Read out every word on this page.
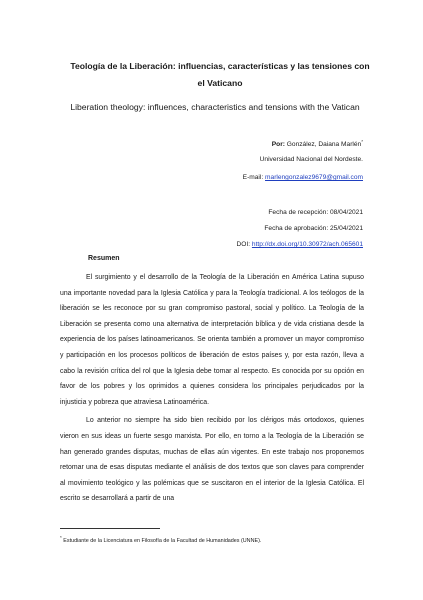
Teología de la Liberación: influencias, características y las tensiones con el Vaticano
Liberation theology: influences, characteristics and tensions with the Vatican
Por: González, Daiana Marlén*
Universidad Nacional del Nordeste.
E-mail: marlengonzalez9679@gmail.com
Fecha de recepción: 08/04/2021
Fecha de aprobación: 25/04/2021
DOI: http://dx.doi.org/10.30972/ach.065601
Resumen

El surgimiento y el desarrollo de la Teología de la Liberación en América Latina supuso una importante novedad para la Iglesia Católica y para la Teología tradicional. A los teólogos de la liberación se les reconoce por su gran compromiso pastoral, social y político. La Teología de la Liberación se presenta como una alternativa de interpretación bíblica y de vida cristiana desde la experiencia de los países latinoamericanos. Se orienta también a promover un mayor compromiso y participación en los procesos políticos de liberación de estos países y, por esta razón, lleva a cabo la revisión crítica del rol que la Iglesia debe tomar al respecto. Es conocida por su opción en favor de los pobres y los oprimidos a quienes considera los principales perjudicados por la injusticia y pobreza que atraviesa Latinoamérica.

Lo anterior no siempre ha sido bien recibido por los clérigos más ortodoxos, quienes vieron en sus ideas un fuerte sesgo marxista. Por ello, en torno a la Teología de la Liberación se han generado grandes disputas, muchas de ellas aún vigentes. En este trabajo nos proponemos retomar una de esas disputas mediante el análisis de dos textos que son claves para comprender al movimiento teológico y las polémicas que se suscitaron en el interior de la Iglesia Católica. El escrito se desarrollará a partir de una

* Estudiante de la Licenciatura en Filosofía de la Facultad de Humanidades (UNNE).
